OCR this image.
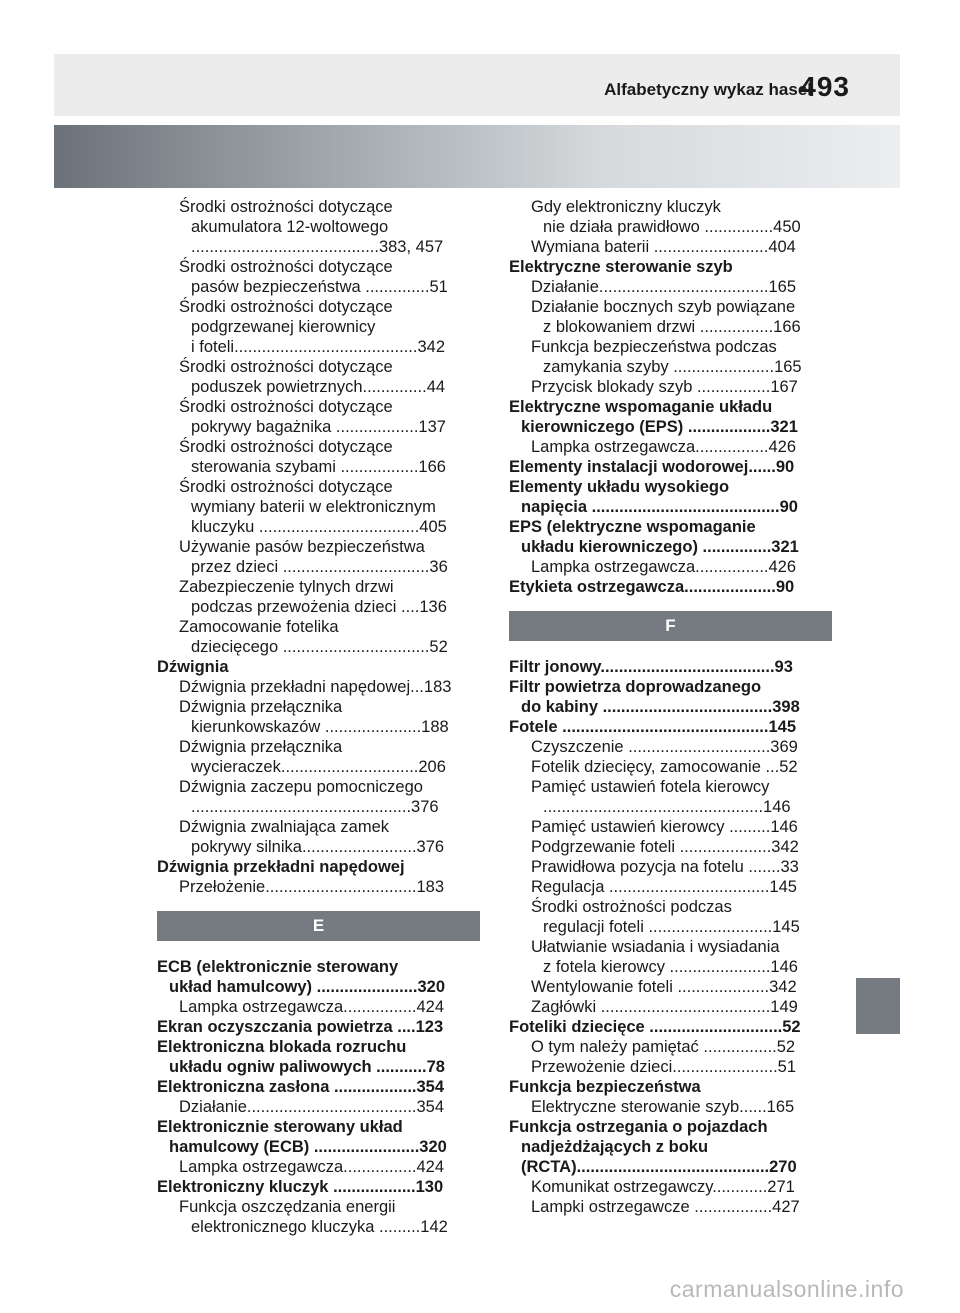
Alfabetyczny wykaz haseł
493
Środki ostrożności dotyczące
akumulatora 12-woltowego
.........................................383, 457
Środki ostrożności dotyczące
pasów bezpieczeństwa ..............51
Środki ostrożności dotyczące
podgrzewanej kierownicy
i foteli........................................342
Środki ostrożności dotyczące
poduszek powietrznych..............44
Środki ostrożności dotyczące
pokrywy bagażnika ..................137
Środki ostrożności dotyczące
sterowania szybami .................166
Środki ostrożności dotyczące
wymiany baterii w elektronicznym
kluczyku ...................................405
Używanie pasów bezpieczeństwa
przez dzieci ................................36
Zabezpieczenie tylnych drzwi
podczas przewożenia dzieci ....136
Zamocowanie fotelika
dziecięcego ................................52
Dźwignia
Dźwignia przekładni napędowej...183
Dźwignia przełącznika
kierunkowskazów .....................188
Dźwignia przełącznika
wycieraczek..............................206
Dźwignia zaczepu pomocniczego
................................................376
Dźwignia zwalniająca zamek
pokrywy silnika.........................376
Dźwignia przekładni napędowej
Przełożenie.................................183
E
ECB (elektronicznie sterowany
układ hamulcowy) ......................320
Lampka ostrzegawcza................424
Ekran oczyszczania powietrza ....123
Elektroniczna blokada rozruchu
układu ogniw paliwowych ...........78
Elektroniczna zasłona ..................354
Działanie.....................................354
Elektronicznie sterowany układ
hamulcowy (ECB) .......................320
Lampka ostrzegawcza................424
Elektroniczny kluczyk ..................130
Funkcja oszczędzania energii
elektronicznego kluczyka .........142
Gdy elektroniczny kluczyk
nie działa prawidłowo ...............450
Wymiana baterii .........................404
Elektryczne sterowanie szyb
Działanie.....................................165
Działanie bocznych szyb powiązane
z blokowaniem drzwi ................166
Funkcja bezpieczeństwa podczas
zamykania szyby ......................165
Przycisk blokady szyb ................167
Elektryczne wspomaganie układu
kierowniczego (EPS) ..................321
Lampka ostrzegawcza................426
Elementy instalacji wodorowej......90
Elementy układu wysokiego
napięcia .........................................90
EPS (elektryczne wspomaganie
układu kierowniczego) ...............321
Lampka ostrzegawcza................426
Etykieta ostrzegawcza....................90
F
Filtr jonowy......................................93
Filtr powietrza doprowadzanego
do kabiny .....................................398
Fotele .............................................145
Czyszczenie ...............................369
Fotelik dziecięcy, zamocowanie ...52
Pamięć ustawień fotela kierowcy
................................................146
Pamięć ustawień kierowcy .........146
Podgrzewanie foteli ....................342
Prawidłowa pozycja na fotelu .......33
Regulacja ...................................145
Środki ostrożności podczas
regulacji foteli ...........................145
Ułatwianie wsiadania i wysiadania
z fotela kierowcy ......................146
Wentylowanie foteli ....................342
Zagłówki .....................................149
Foteliki dziecięce .............................52
O tym należy pamiętać ................52
Przewożenie dzieci.......................51
Funkcja bezpieczeństwa
Elektryczne sterowanie szyb......165
Funkcja ostrzegania o pojazdach
nadjeżdżających z boku
(RCTA)..........................................270
Komunikat ostrzegawczy............271
Lampki ostrzegawcze .................427
carmanualsonline.info
